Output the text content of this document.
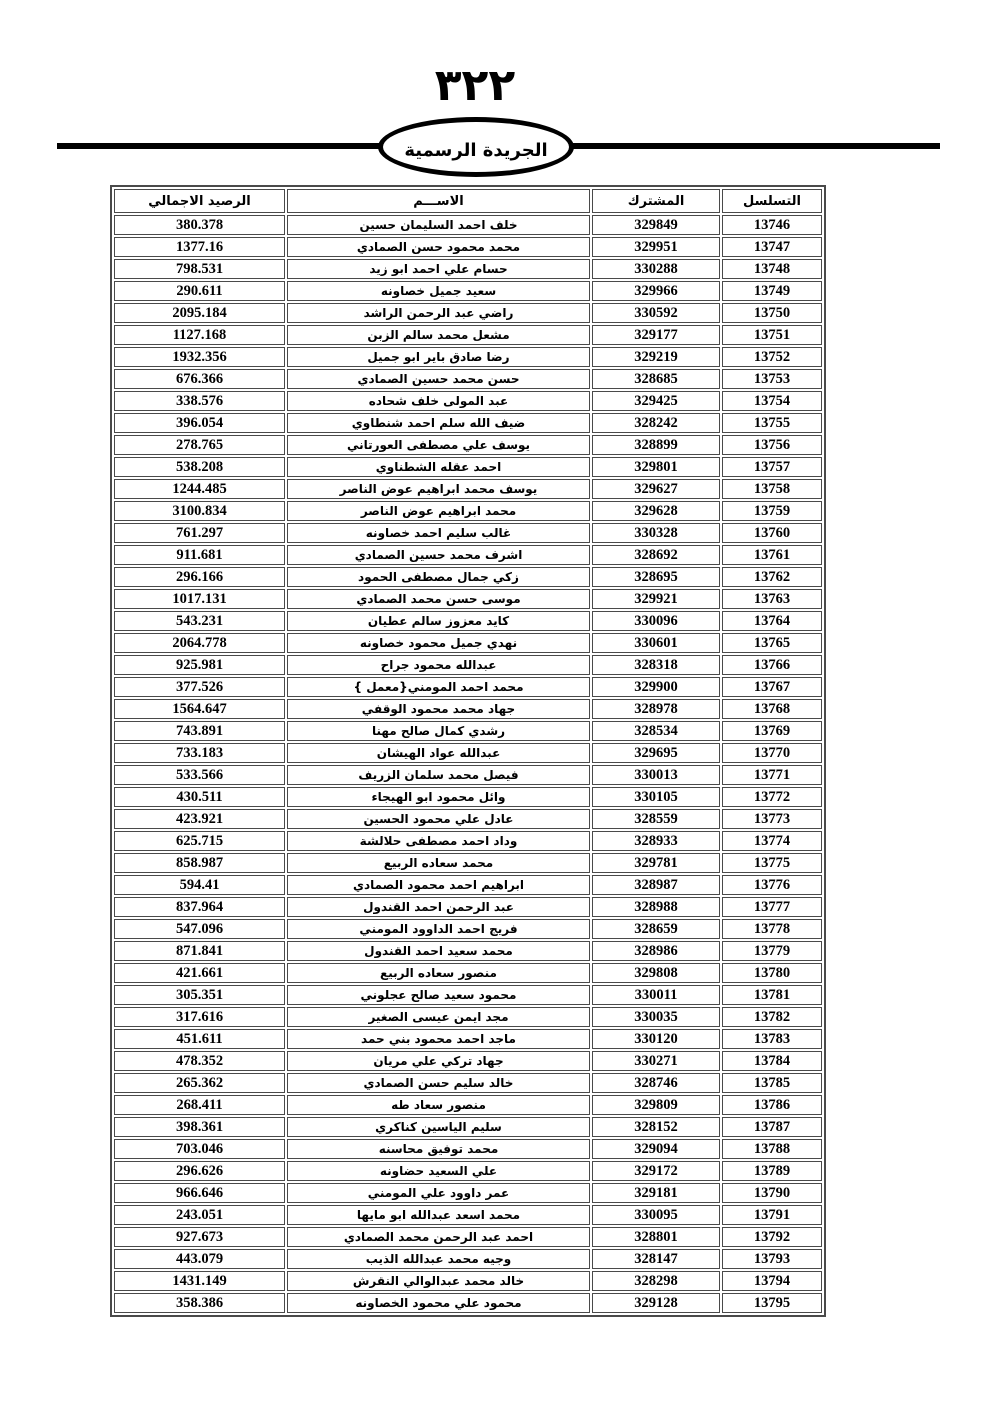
٣٢٢
الجريدة الرسمية
التسلسل	المشترك	الاســـم	الرصيد الاجمالي
13746	329849	خلف احمد السليمان حسين	380.378
13747	329951	محمد محمود حسن الصمادي	1377.16
13748	330288	حسام علي احمد ابو زيد	798.531
13749	329966	سعيد جميل خصاونه	290.611
13750	330592	راضي عبد الرحمن الراشد	2095.184
13751	329177	مشعل محمد سالم الزبن	1127.168
13752	329219	رضا صادق باير ابو جميل	1932.356
13753	328685	حسن محمد حسين الصمادي	676.366
13754	329425	عبد المولى خلف شحاده	338.576
13755	328242	ضيف الله سلم احمد شنطاوي	396.054
13756	328899	يوسف علي مصطفى العورتاني	278.765
13757	329801	احمد عقله الشطناوي	538.208
13758	329627	يوسف محمد ابراهيم عوض الناصر	1244.485
13759	329628	محمد ابراهيم عوض الناصر	3100.834
13760	330328	غالب سليم احمد خصاونه	761.297
13761	328692	اشرف محمد حسين الصمادي	911.681
13762	328695	زكي جمال مصطفى الحمود	296.166
13763	329921	موسى حسن محمد الصمادي	1017.131
13764	330096	كايد معزوز سالم عطيان	543.231
13765	330601	نهدي جميل محمود خصاونه	2064.778
13766	328318	عبدالله محمود جراح	925.981
13767	329900	محمد احمد المومني{معمل }	377.526
13768	328978	جهاد محمد محمود الوقفي	1564.647
13769	328534	رشدي كمال صالح مهنا	743.891
13770	329695	عبدالله عواد الهيشان	733.183
13771	330013	فيصل محمد سلمان الزريف	533.566
13772	330105	وائل محمود ابو الهيجاء	430.511
13773	328559	عادل علي محمود الحسين	423.921
13774	328933	وداد احمد مصطفى حلالشة	625.715
13775	329781	محمد سعاده الربيع	858.987
13776	328987	ابراهيم احمد محمود الصمادي	594.41
13777	328988	عبد الرحمن احمد القندول	837.964
13778	328659	فريج احمد الداوود المومني	547.096
13779	328986	محمد سعيد احمد القندول	871.841
13780	329808	منصور سعاده الربيع	421.661
13781	330011	محمود سعيد صالح عجلوني	305.351
13782	330035	مجد ايمن عيسى الصغير	317.616
13783	330120	ماجد احمد محمود بني حمد	451.611
13784	330271	جهاد تركي علي مريان	478.352
13785	328746	خالد سليم حسن الصمادي	265.362
13786	329809	منصور سعاد طه	268.411
13787	328152	سليم الياسين كناكري	398.361
13788	329094	محمد توفيق محاسنه	703.046
13789	329172	علي السعيد حضاونه	296.626
13790	329181	عمر داوود علي المومني	966.646
13791	330095	محمد اسعد عبدالله ابو مايها	243.051
13792	328801	احمد عبد الرحمن محمد الصمادي	927.673
13793	328147	وجيه محمد عبدالله الذيب	443.079
13794	328298	خالد محمد عبدالوالي النقرش	1431.149
13795	329128	محمود علي محمود الخصاونه	358.386
